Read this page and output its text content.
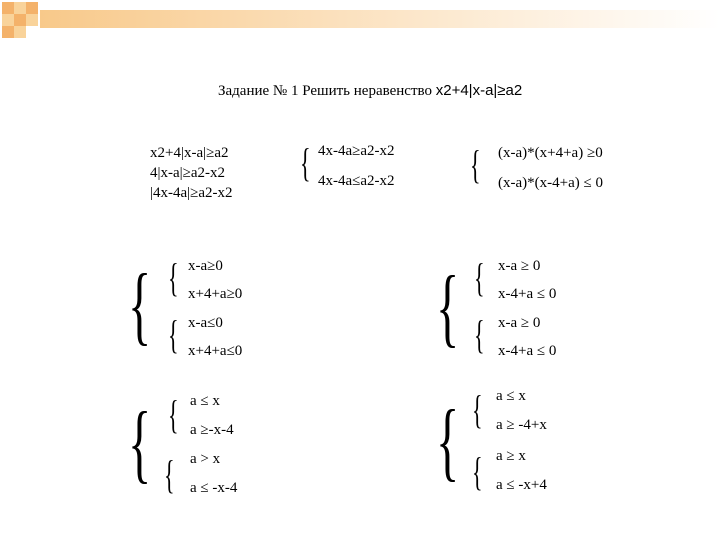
Задание № 1 Решить неравенство x2+4|x-a|≥a2
x2+4|x-a|≥a2
4|x-a|≥a2-x2
|4x-4a|≥a2-x2
{ 4x-4a≥a2-x2
4x-4a≤a2-x2 { (x-a)*(x+4+a) ≥0
(x-a)*(x-4+a) ≤ 0
{ { x-a≥0
x+4+a≥0
{ x-a≤0
x+4+a≤0 { { x-a ≥ 0
x-4+a ≤ 0
{ x-a ≥ 0
x-4+a ≤ 0
{ { a ≤ x
a ≥-x-4
{ a > x
a ≤ -x-4 { { a ≤ x
a ≥ -4+x
{ a ≥ x
a ≤ -x+4
